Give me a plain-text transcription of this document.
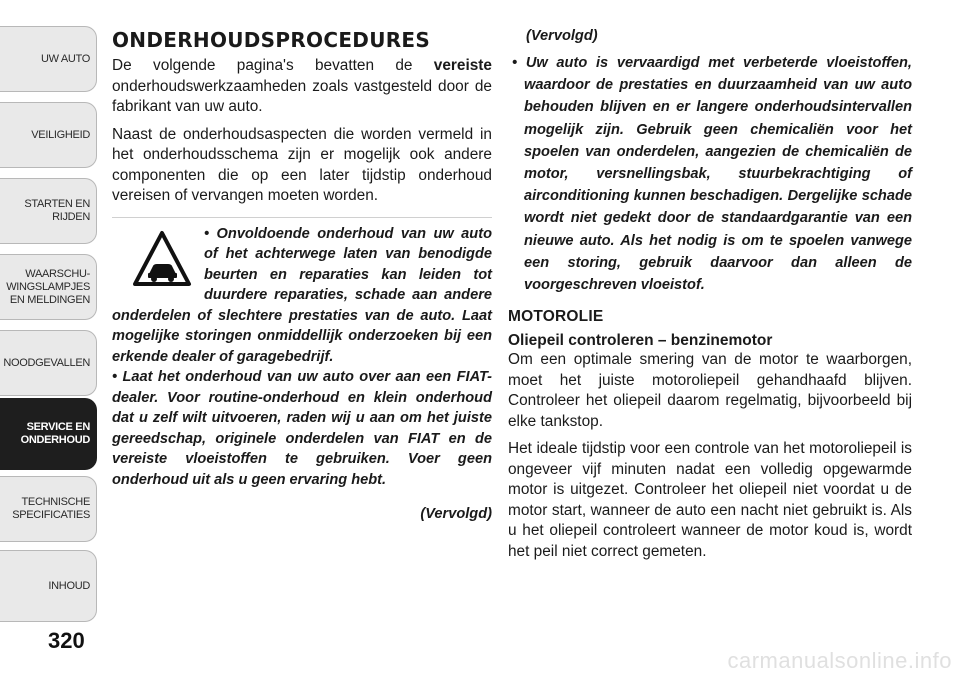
UW AUTO
VEILIGHEID
STARTEN EN
RIJDEN
WAARSCHU-
WINGSLAMPJES
EN MELDINGEN
NOODGEVALLEN
SERVICE EN
ONDERHOUD
TECHNISCHE
SPECIFICATIES
INHOUD
320
ONDERHOUDSPROCEDURES

De volgende pagina's bevatten de vereiste onderhoudswerkzaamheden zoals vastgesteld door de fabrikant van uw auto.

Naast de onderhoudsaspecten die worden vermeld in het onderhoudsschema zijn er mogelijk ook andere componenten die op een later tijdstip onderhoud vereisen of vervangen moeten worden.

• Onvoldoende onderhoud van uw auto of het achterwege laten van benodigde beurten en reparaties kan leiden tot duurdere reparaties, schade aan andere onderdelen of slechtere prestaties van de auto. Laat mogelijke storingen onmiddellijk onderzoeken bij een erkende dealer of garagebedrijf.

• Laat het onderhoud van uw auto over aan een FIAT-dealer. Voor routine-onderhoud en klein onderhoud dat u zelf wilt uitvoeren, raden wij u aan om het juiste gereedschap, originele onderdelen van FIAT en de vereiste vloeistoffen te gebruiken. Voer geen onderhoud uit als u geen ervaring hebt.

(Vervolgd)
(Vervolgd)
• Uw auto is vervaardigd met verbeterde vloeistoffen, waardoor de prestaties en duurzaamheid van uw auto behouden blijven en er langere onderhoudsintervallen mogelijk zijn. Gebruik geen chemicaliën voor het spoelen van onderdelen, aangezien de chemicaliën de motor, versnellingsbak, stuurbekrachtiging of airconditioning kunnen beschadigen. Dergelijke schade wordt niet gedekt door de standaardgarantie van een nieuwe auto. Als het nodig is om te spoelen vanwege een storing, gebruik daarvoor dan alleen de voorgeschreven vloeistof.
MOTOROLIE
Oliepeil controleren – benzinemotor

Om een optimale smering van de motor te waarborgen, moet het juiste motoroliepeil gehandhaafd blijven. Controleer het oliepeil daarom regelmatig, bijvoorbeeld bij elke tankstop.

Het ideale tijdstip voor een controle van het motoroliepeil is ongeveer vijf minuten nadat een volledig opgewarmde motor is uitgezet. Controleer het oliepeil niet voordat u de motor start, wanneer de auto een nacht niet gebruikt is. Als u het oliepeil controleert wanneer de motor koud is, wordt het peil niet correct gemeten.

carmanualsonline.info
